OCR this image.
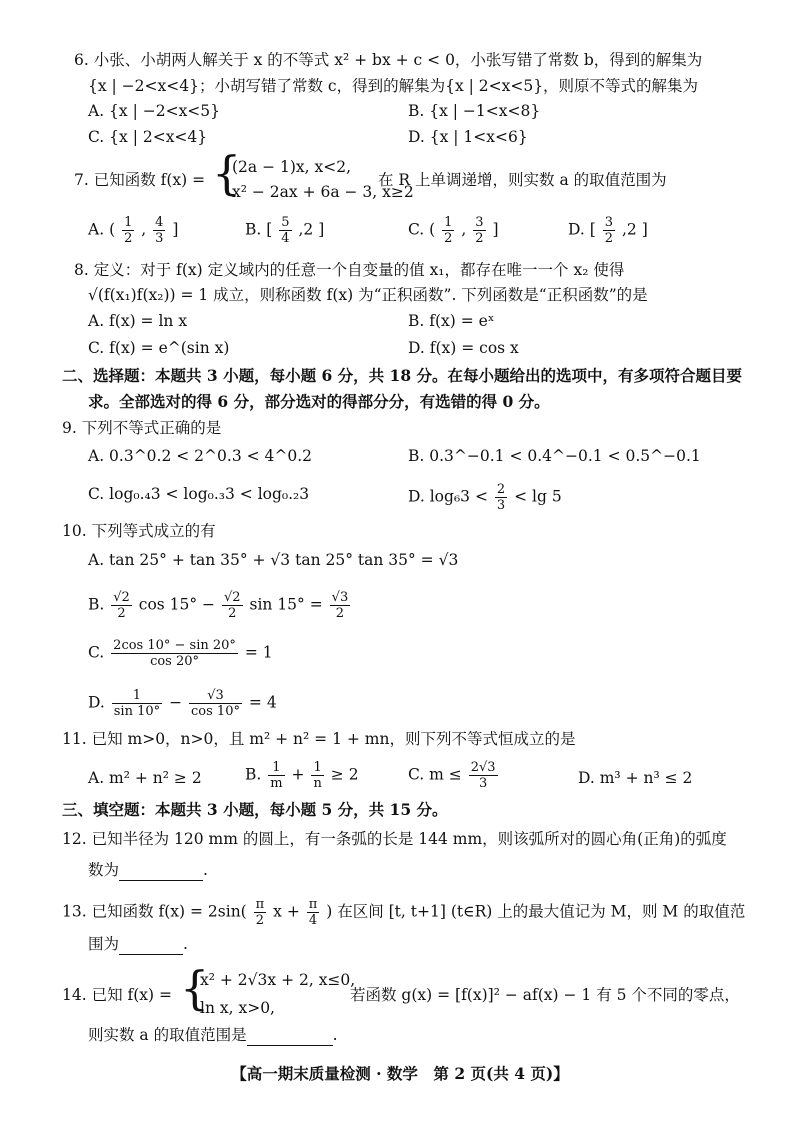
6. 小张、小胡两人解关于 x 的不等式 x² + bx + c < 0，小张写错了常数 b，得到的解集为
{x | −2<x<4}；小胡写错了常数 c，得到的解集为{x | 2<x<5}，则原不等式的解集为
A. {x | −2<x<5}	B. {x | −1<x<8}
C. {x | 2<x<4}	D. {x | 1<x<6}
7. 已知函数 f(x) = {
(2a − 1)x, x<2,
x² − 2ax + 6a − 3, x≥2
在 R 上单调递增，则实数 a 的取值范围为
A. ( $\frac{1}{2}$ , $\frac{4}{3}$ ]	B. [ $\frac{5}{4} ,2$ ]	C. ( $\frac{1}{2}$ , $\frac{3}{2}$ ]	D. [ $\frac{3}{2} ,2$ ]
8. 定义：对于 f(x) 定义域内的任意一个自变量的值 x₁，都存在唯一一个 x₂ 使得
√(f(x₁)f(x₂)) = 1 成立，则称函数 f(x) 为“正积函数”. 下列函数是“正积函数”的是
A. f(x) = ln x	B. f(x) = eˣ
C. f(x) = e^(sin x)	D. f(x) = cos x
二、选择题：本题共 3 小题，每小题 6 分，共 18 分。在每小题给出的选项中，有多项符合题目要
求。全部选对的得 6 分，部分选对的得部分分，有选错的得 0 分。
9. 下列不等式正确的是
A. 0.3^0.2 < 2^0.3 < 4^0.2	B. 0.3^−0.1 < 0.4^−0.1 < 0.5^−0.1
C. log₀.₄3 < log₀.₃3 < log₀.₂3	D. $\log_63 < \frac{2}{3} < \lg 5$
10. 下列等式成立的有
A. tan 25° + tan 35° + √3 tan 25° tan 35° = √3
B. $\frac{√2}{2}$ $\cos 15^\circ - \frac{√2}{2}$ $\sin 15^\circ = \frac{√3}{2}$
C. $\frac{2\cos 10^\circ - \sin 20^\circ}{\cos 20^\circ} = 1$
D. $\frac{1}{\sin 10^\circ} - \frac{√3}{\cos 10^\circ} = 4$
11. 已知 m>0，n>0，且 m² + n² = 1 + mn，则下列不等式恒成立的是
A. m² + n² ≥ 2	B. $\frac{1}{m} + \frac{1}{n} \ge 2$	C. $m \le \frac{2√3}{3}$	D. m³ + n³ ≤ 2
三、填空题：本题共 3 小题，每小题 5 分，共 15 分。
12. 已知半径为 120 mm 的圆上，有一条弧的长是 144 mm，则该弧所对的圆心角(正角)的弧度
数为	.
13. 已知函数 $f(x) = 2\sin( \frac{\pi}{2}$ $x + \frac{\pi}{4}$ ) 在区间 [t, t+1] (t∈R) 上的最大值记为 M，则 M 的取值范
围为	.
14. 已知 f(x) = {
x² + 2√3x + 2, x≤0,
ln x, x>0,
若函数 g(x) = [f(x)]² − af(x) − 1 有 5 个不同的零点，
则实数 a 的取值范围是	.
【高一期末质量检测 · 数学　第 2 页(共 4 页)】
